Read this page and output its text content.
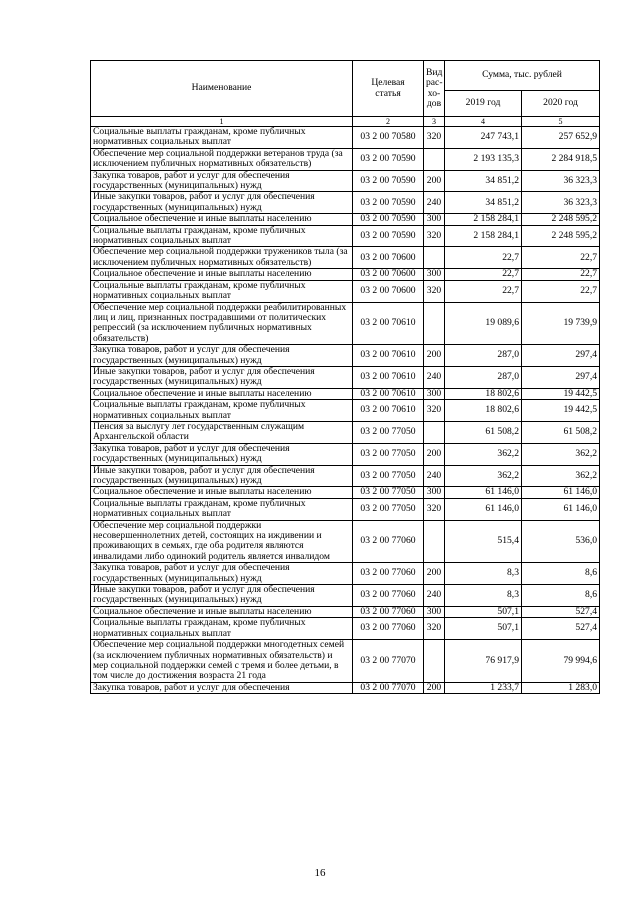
Наименование	Целевая статья	Вид рас-хо-дов	Сумма, тыс. рублей	
			2019 год	2020 год
1	2	3	4	5
Социальные выплаты гражданам, кроме публичных нормативных социальных выплат	03 2 00 70580	320	247 743,1	257 652,9
Обеспечение мер социальной поддержки ветеранов труда (за исключением публичных нормативных обязательств)	03 2 00 70590		2 193 135,3	2 284 918,5
Закупка товаров, работ и услуг для обеспечения государственных (муниципальных) нужд	03 2 00 70590	200	34 851,2	36 323,3
Иные закупки товаров, работ и услуг для обеспечения государственных (муниципальных) нужд	03 2 00 70590	240	34 851,2	36 323,3
Социальное обеспечение и иные выплаты населению	03 2 00 70590	300	2 158 284,1	2 248 595,2
Социальные выплаты гражданам, кроме публичных нормативных социальных выплат	03 2 00 70590	320	2 158 284,1	2 248 595,2
Обеспечение мер социальной поддержки тружеников тыла (за исключением публичных нормативных обязательств)	03 2 00 70600		22,7	22,7
Социальное обеспечение и иные выплаты населению	03 2 00 70600	300	22,7	22,7
Социальные выплаты гражданам, кроме публичных нормативных социальных выплат	03 2 00 70600	320	22,7	22,7
Обеспечение мер социальной поддержки реабилитированных лиц и лиц, признанных пострадавшими от политических репрессий (за исключением публичных нормативных обязательств)	03 2 00 70610		19 089,6	19 739,9
Закупка товаров, работ и услуг для обеспечения государственных (муниципальных) нужд	03 2 00 70610	200	287,0	297,4
Иные закупки товаров, работ и услуг для обеспечения государственных (муниципальных) нужд	03 2 00 70610	240	287,0	297,4
Социальное обеспечение и иные выплаты населению	03 2 00 70610	300	18 802,6	19 442,5
Социальные выплаты гражданам, кроме публичных нормативных социальных выплат	03 2 00 70610	320	18 802,6	19 442,5
Пенсия за выслугу лет государственным служащим Архангельской области	03 2 00 77050		61 508,2	61 508,2
Закупка товаров, работ и услуг для обеспечения государственных (муниципальных) нужд	03 2 00 77050	200	362,2	362,2
Иные закупки товаров, работ и услуг для обеспечения государственных (муниципальных) нужд	03 2 00 77050	240	362,2	362,2
Социальное обеспечение и иные выплаты населению	03 2 00 77050	300	61 146,0	61 146,0
Социальные выплаты гражданам, кроме публичных нормативных социальных выплат	03 2 00 77050	320	61 146,0	61 146,0
Обеспечение мер социальной поддержки несовершеннолетних детей, состоящих на иждивении и проживающих в семьях, где оба родителя являются инвалидами либо одинокий родитель является инвалидом	03 2 00 77060		515,4	536,0
Закупка товаров, работ и услуг для обеспечения государственных (муниципальных) нужд	03 2 00 77060	200	8,3	8,6
Иные закупки товаров, работ и услуг для обеспечения государственных (муниципальных) нужд	03 2 00 77060	240	8,3	8,6
Социальное обеспечение и иные выплаты населению	03 2 00 77060	300	507,1	527,4
Социальные выплаты гражданам, кроме публичных нормативных социальных выплат	03 2 00 77060	320	507,1	527,4
Обеспечение мер социальной поддержки многодетных семей (за исключением публичных нормативных обязательств) и мер социальной поддержки семей с тремя и более детьми, в том числе до достижения возраста 21 года	03 2 00 77070		76 917,9	79 994,6
Закупка товаров, работ и услуг для обеспечения	03 2 00 77070	200	1 233,7	1 283,0
16
